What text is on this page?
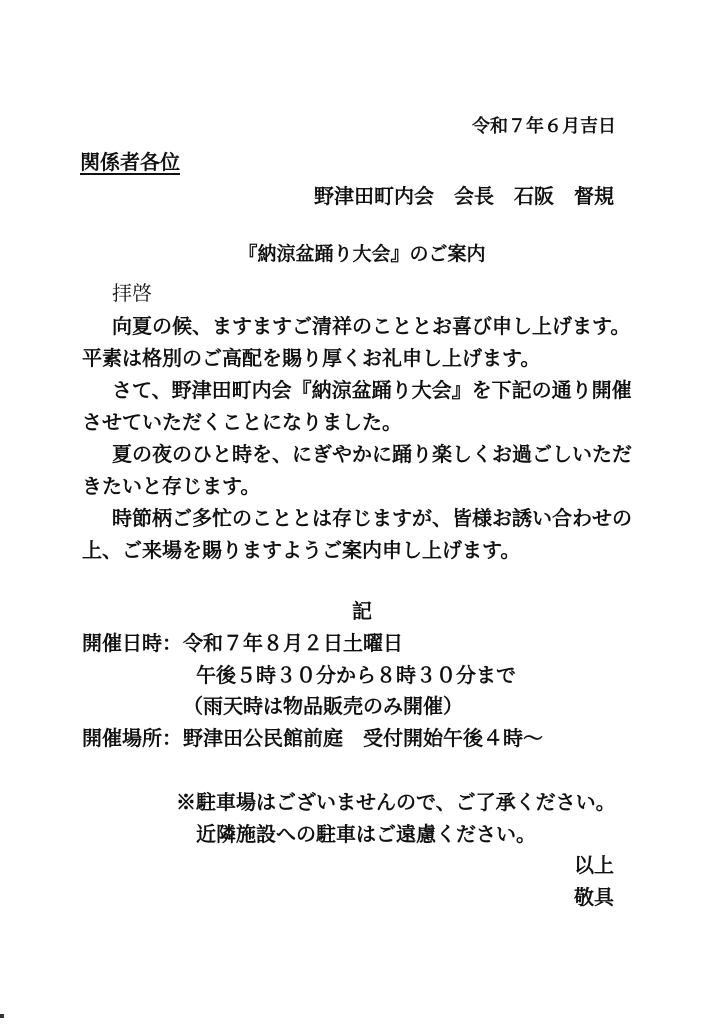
令和７年６月吉日
関係者各位
野津田町内会　会長　石阪　督規
『納涼盆踊り大会』のご案内
拝啓
向夏の候、ますますご清祥のこととお喜び申し上げます。
平素は格別のご高配を賜り厚くお礼申し上げます。
さて、野津田町内会『納涼盆踊り大会』を下記の通り開催
させていただくことになりました。
夏の夜のひと時を、にぎやかに踊り楽しくお過ごしいただ
きたいと存じます。
時節柄ご多忙のこととは存じますが、皆様お誘い合わせの
上、ご来場を賜りますようご案内申し上げます。
記
開催日時： 令和７年８月２日土曜日
午後５時３０分から８時３０分まで
（雨天時は物品販売のみ開催）
開催場所： 野津田公民館前庭　受付開始午後４時～
※駐車場はございませんので、ご了承ください。
近隣施設への駐車はご遠慮ください。
以上
敬具
